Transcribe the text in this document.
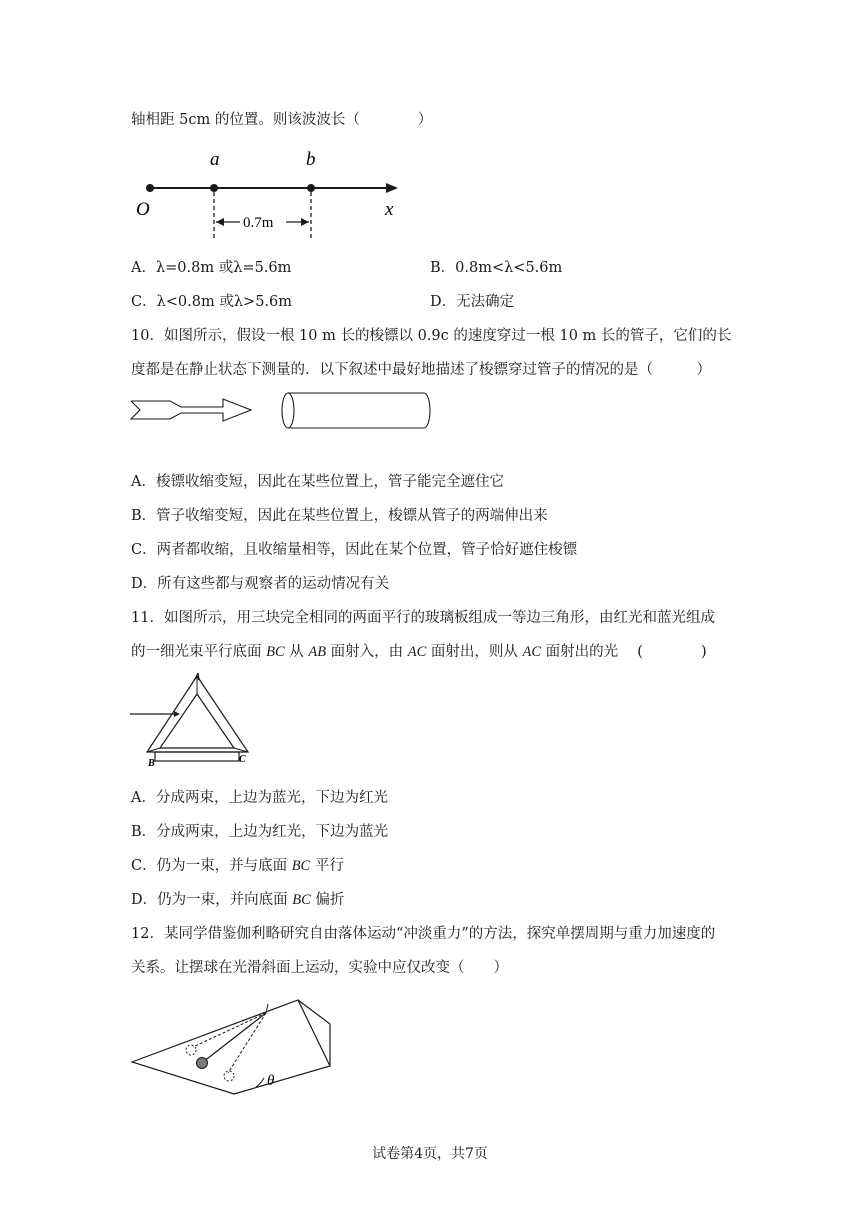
轴相距 5cm 的位置。则该波波长（　　　　）
a	b
O	x
0.7m
A．λ=0.8m 或λ=5.6m	B．0.8m<λ<5.6m
C．λ<0.8m 或λ>5.6m	D．无法确定
10．如图所示，假设一根 10 m 长的梭镖以 0.9c 的速度穿过一根 10 m 长的管子，它们的长
度都是在静止状态下测量的．以下叙述中最好地描述了梭镖穿过管子的情况的是（　　　）
A．梭镖收缩变短，因此在某些位置上，管子能完全遮住它
B．管子收缩变短，因此在某些位置上，梭镖从管子的两端伸出来
C．两者都收缩，且收缩量相等，因此在某个位置，管子恰好遮住梭镖
D．所有这些都与观察者的运动情况有关
11．如图所示，用三块完全相同的两面平行的玻璃板组成一等边三角形，由红光和蓝光组成
的一细光束平行底面 BC 从 AB 面射入，由 AC 面射出，则从 AC 面射出的光　 (　　　　)
A
B	C
A．分成两束，上边为蓝光，下边为红光
B．分成两束，上边为红光，下边为蓝光
C．仍为一束，并与底面 BC 平行
D．仍为一束，并向底面 BC 偏折
12．某同学借鉴伽利略研究自由落体运动“冲淡重力”的方法，探究单摆周期与重力加速度的
关系。让摆球在光滑斜面上运动，实验中应仅改变（　　）
θ
试卷第4页，共7页
